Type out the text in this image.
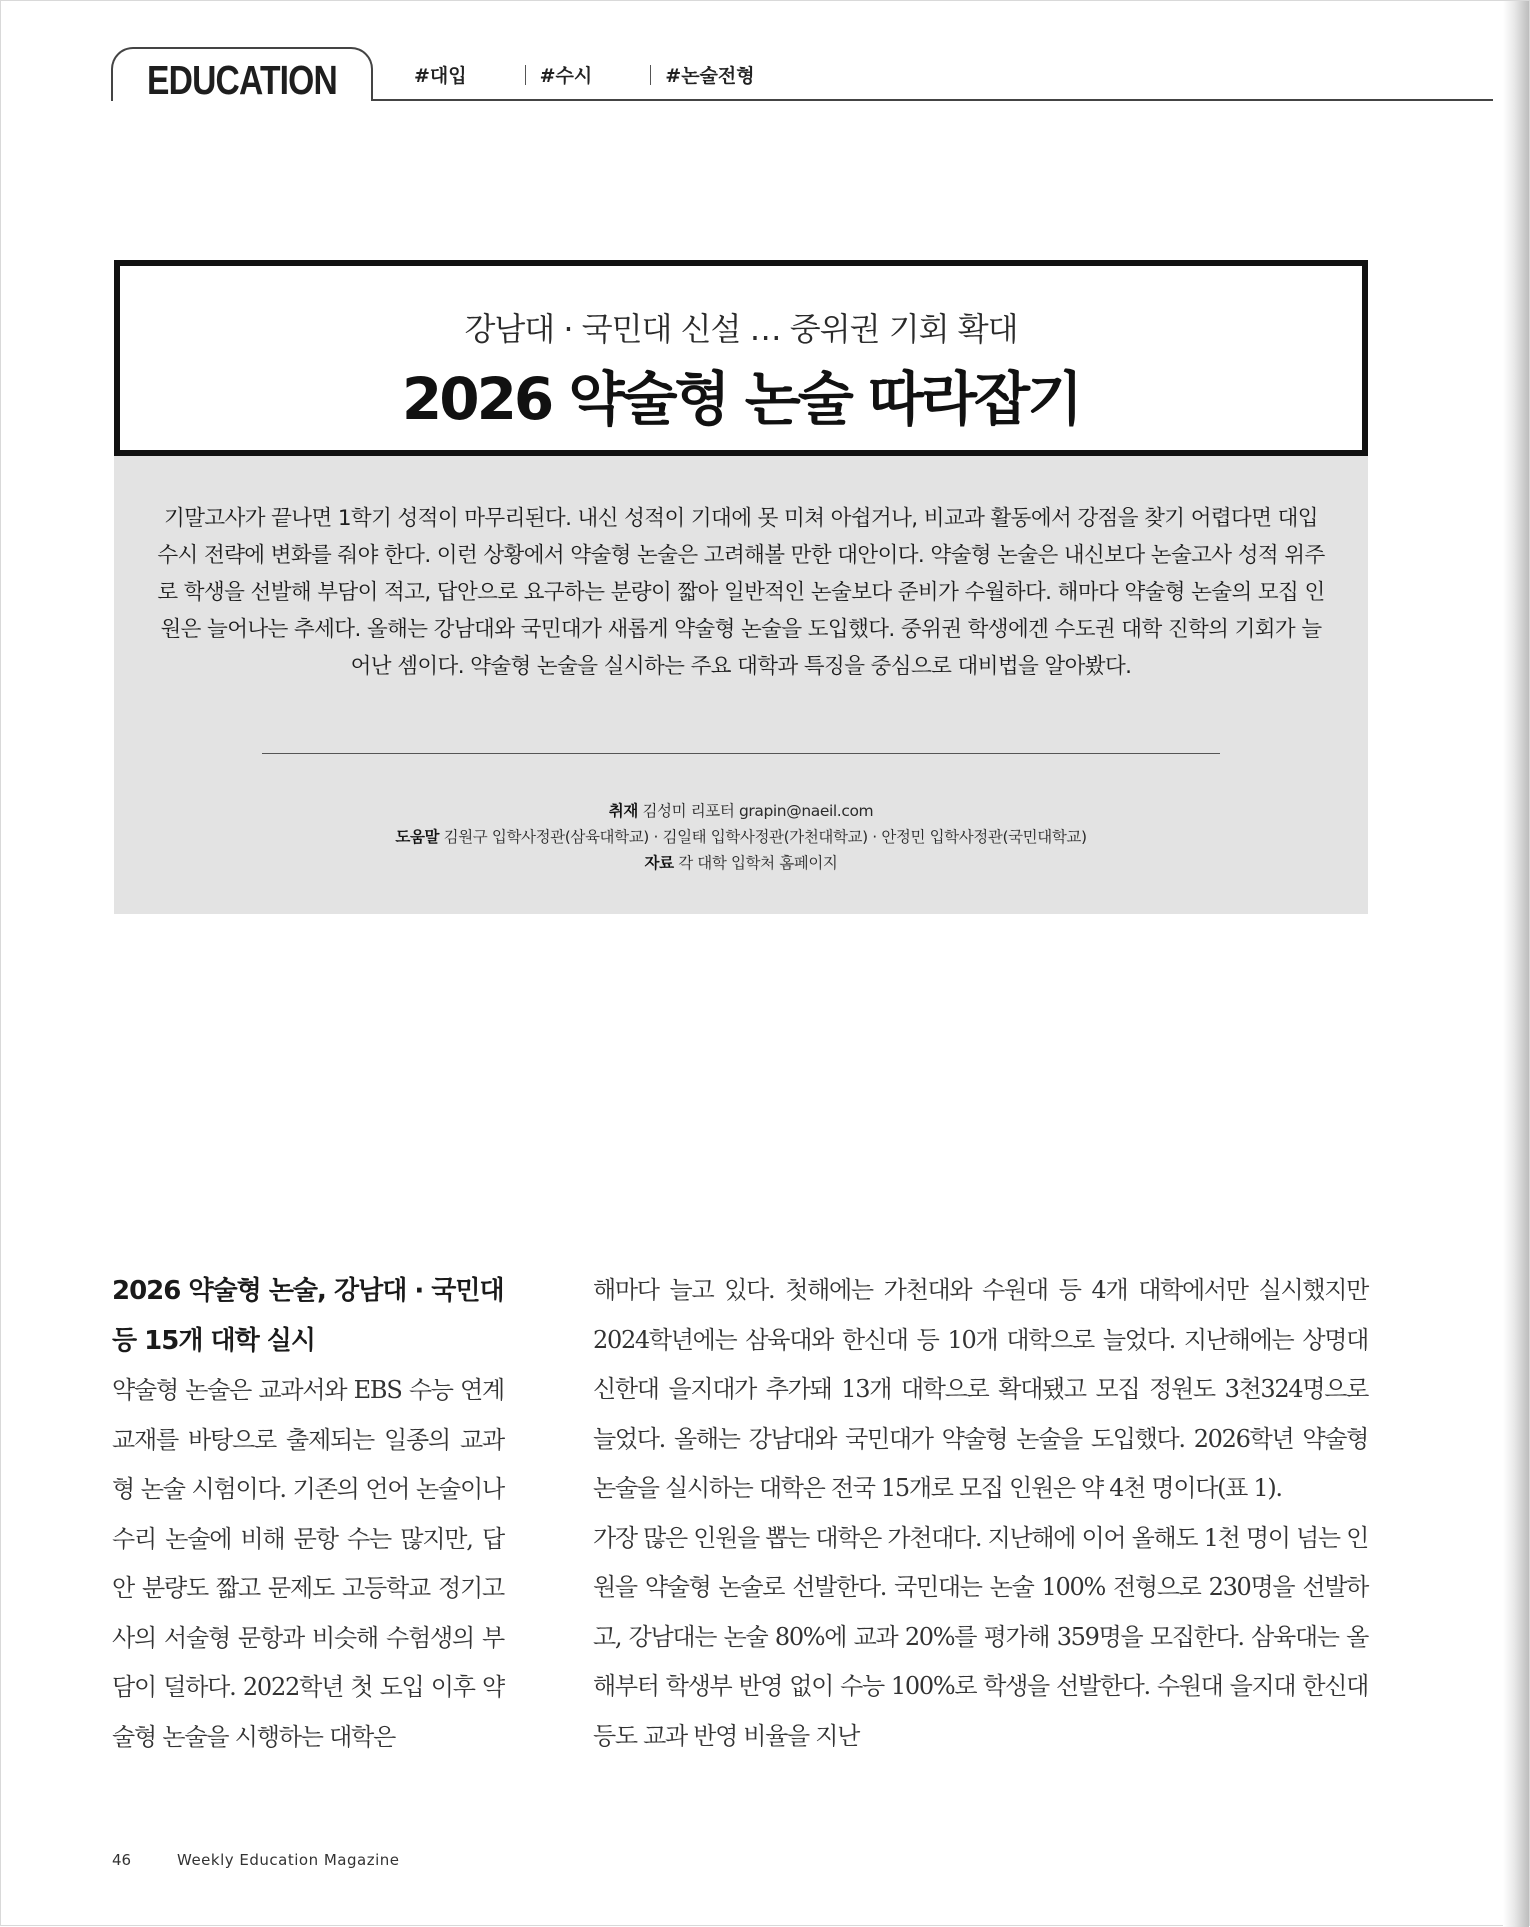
EDUCATION	#대입	#수시	#논술전형
강남대 · 국민대 신설 … 중위권 기회 확대
2026 약술형 논술 따라잡기

기말고사가 끝나면 1학기 성적이 마무리된다. 내신 성적이 기대에 못 미쳐 아쉽거나, 비교과 활동에서 강점을 찾기 어렵다면 대입 수시 전략에 변화를 줘야 한다. 이런 상황에서 약술형 논술은 고려해볼 만한 대안이다. 약술형 논술은 내신보다 논술고사 성적 위주로 학생을 선발해 부담이 적고, 답안으로 요구하는 분량이 짧아 일반적인 논술보다 준비가 수월하다. 해마다 약술형 논술의 모집 인원은 늘어나는 추세다. 올해는 강남대와 국민대가 새롭게 약술형 논술을 도입했다. 중위권 학생에겐 수도권 대학 진학의 기회가 늘어난 셈이다. 약술형 논술을 실시하는 주요 대학과 특징을 중심으로 대비법을 알아봤다.

취재 김성미 리포터 grapin@naeil.com
도움말 김원구 입학사정관(삼육대학교) · 김일태 입학사정관(가천대학교) · 안정민 입학사정관(국민대학교)
자료 각 대학 입학처 홈페이지
2026 약술형 논술, 강남대 · 국민대 등 15개 대학 실시

약술형 논술은 교과서와 EBS 수능 연계 교재를 바탕으로 출제되는 일종의 교과형 논술 시험이다. 기존의 언어 논술이나 수리 논술에 비해 문항 수는 많지만, 답안 분량도 짧고 문제도 고등학교 정기고사의 서술형 문항과 비슷해 수험생의 부담이 덜하다. 2022학년 첫 도입 이후 약술형 논술을 시행하는 대학은

해마다 늘고 있다. 첫해에는 가천대와 수원대 등 4개 대학에서만 실시했지만 2024학년에는 삼육대와 한신대 등 10개 대학으로 늘었다. 지난해에는 상명대 신한대 을지대가 추가돼 13개 대학으로 확대됐고 모집 정원도 3천324명으로 늘었다. 올해는 강남대와 국민대가 약술형 논술을 도입했다. 2026학년 약술형 논술을 실시하는 대학은 전국 15개로 모집 인원은 약 4천 명이다(표 1).

가장 많은 인원을 뽑는 대학은 가천대다. 지난해에 이어 올해도 1천 명이 넘는 인원을 약술형 논술로 선발한다. 국민대는 논술 100% 전형으로 230명을 선발하고, 강남대는 논술 80%에 교과 20%를 평가해 359명을 모집한다. 삼육대는 올해부터 학생부 반영 없이 수능 100%로 학생을 선발한다. 수원대 을지대 한신대 등도 교과 반영 비율을 지난

46	Weekly Education Magazine
